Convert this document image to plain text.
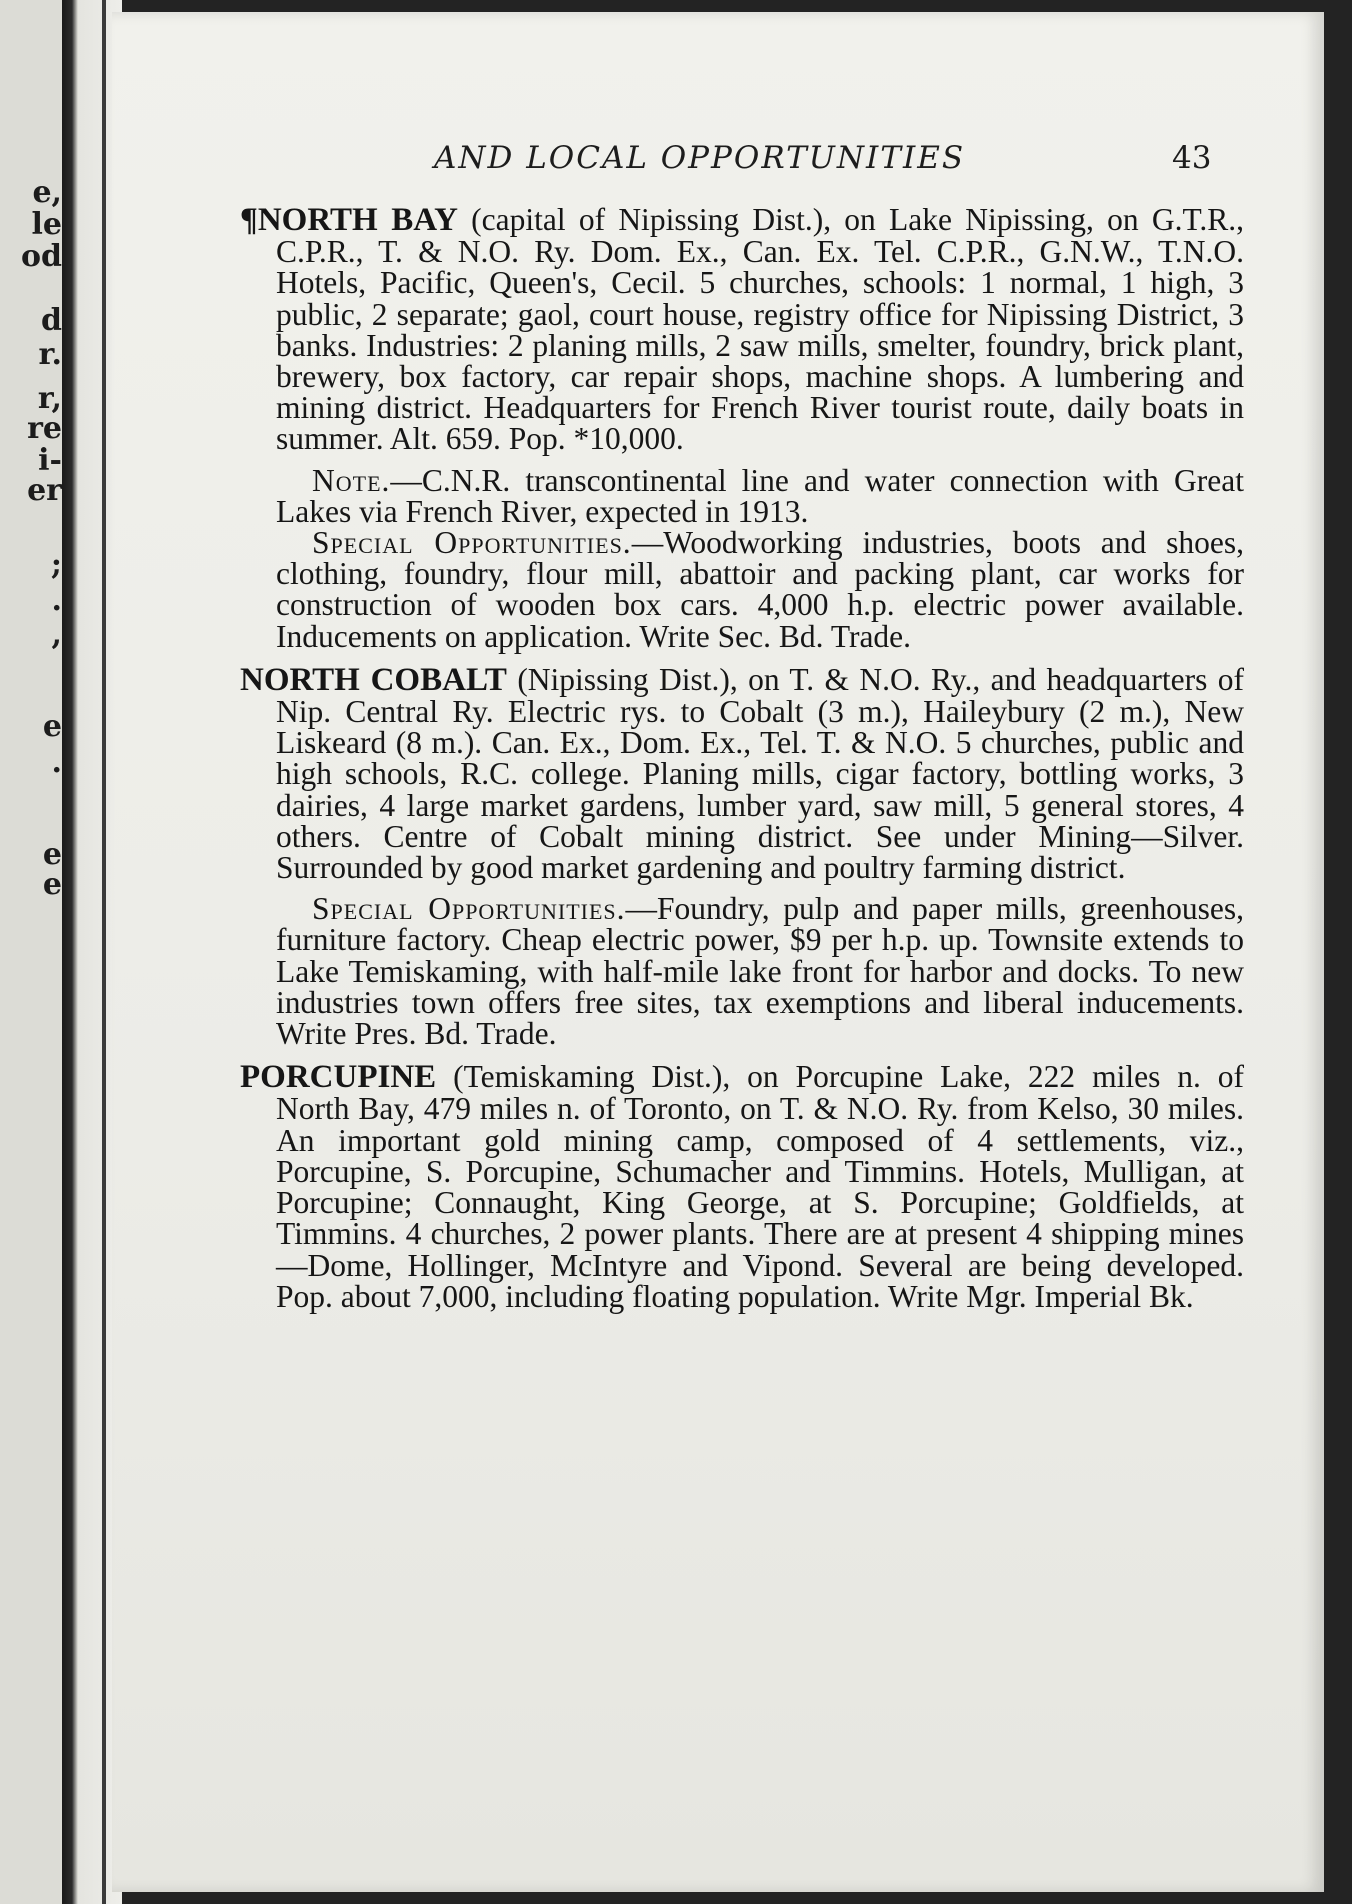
e,
le
od
d
r.
r,
re
i-
er
;
.
,
e
.
e
e
AND LOCAL OPPORTUNITIES	43

¶NORTH BAY (capital of Nipissing Dist.), on Lake Nipissing, on G.T.R., C.P.R., T. & N.O. Ry. Dom. Ex., Can. Ex. Tel. C.P.R., G.N.W., T.N.O. Hotels, Pacific, Queen's, Cecil. 5 churches, schools: 1 normal, 1 high, 3 public, 2 separate; gaol, court house, registry office for Nipissing District, 3 banks. Industries: 2 planing mills, 2 saw mills, smelter, foundry, brick plant, brewery, box factory, car repair shops, machine shops. A lumbering and mining district. Headquarters for French River tourist route, daily boats in summer. Alt. 659. Pop. *10,000.

Note.—C.N.R. transcontinental line and water connection with Great Lakes via French River, expected in 1913.

Special Opportunities.—Woodworking industries, boots and shoes, clothing, foundry, flour mill, abattoir and packing plant, car works for construction of wooden box cars. 4,000 h.p. electric power available. Inducements on application. Write Sec. Bd. Trade.

NORTH COBALT (Nipissing Dist.), on T. & N.O. Ry., and headquarters of Nip. Central Ry. Electric rys. to Cobalt (3 m.), Haileybury (2 m.), New Liskeard (8 m.). Can. Ex., Dom. Ex., Tel. T. & N.O. 5 churches, public and high schools, R.C. college. Planing mills, cigar factory, bottling works, 3 dairies, 4 large market gardens, lumber yard, saw mill, 5 general stores, 4 others. Centre of Cobalt mining district. See under Mining—Silver. Surrounded by good market gardening and poultry farming district.

Special Opportunities.—Foundry, pulp and paper mills, greenhouses, furniture factory. Cheap electric power, $9 per h.p. up. Townsite extends to Lake Temiskaming, with half-mile lake front for harbor and docks. To new industries town offers free sites, tax exemptions and liberal inducements. Write Pres. Bd. Trade.

PORCUPINE (Temiskaming Dist.), on Porcupine Lake, 222 miles n. of North Bay, 479 miles n. of Toronto, on T. & N.O. Ry. from Kelso, 30 miles. An important gold mining camp, composed of 4 settlements, viz., Porcupine, S. Porcupine, Schumacher and Timmins. Hotels, Mulligan, at Porcupine; Connaught, King George, at S. Porcupine; Goldfields, at Timmins. 4 churches, 2 power plants. There are at present 4 shipping mines—Dome, Hollinger, McIntyre and Vipond. Several are being developed. Pop. about 7,000, including floating population. Write Mgr. Imperial Bk.
